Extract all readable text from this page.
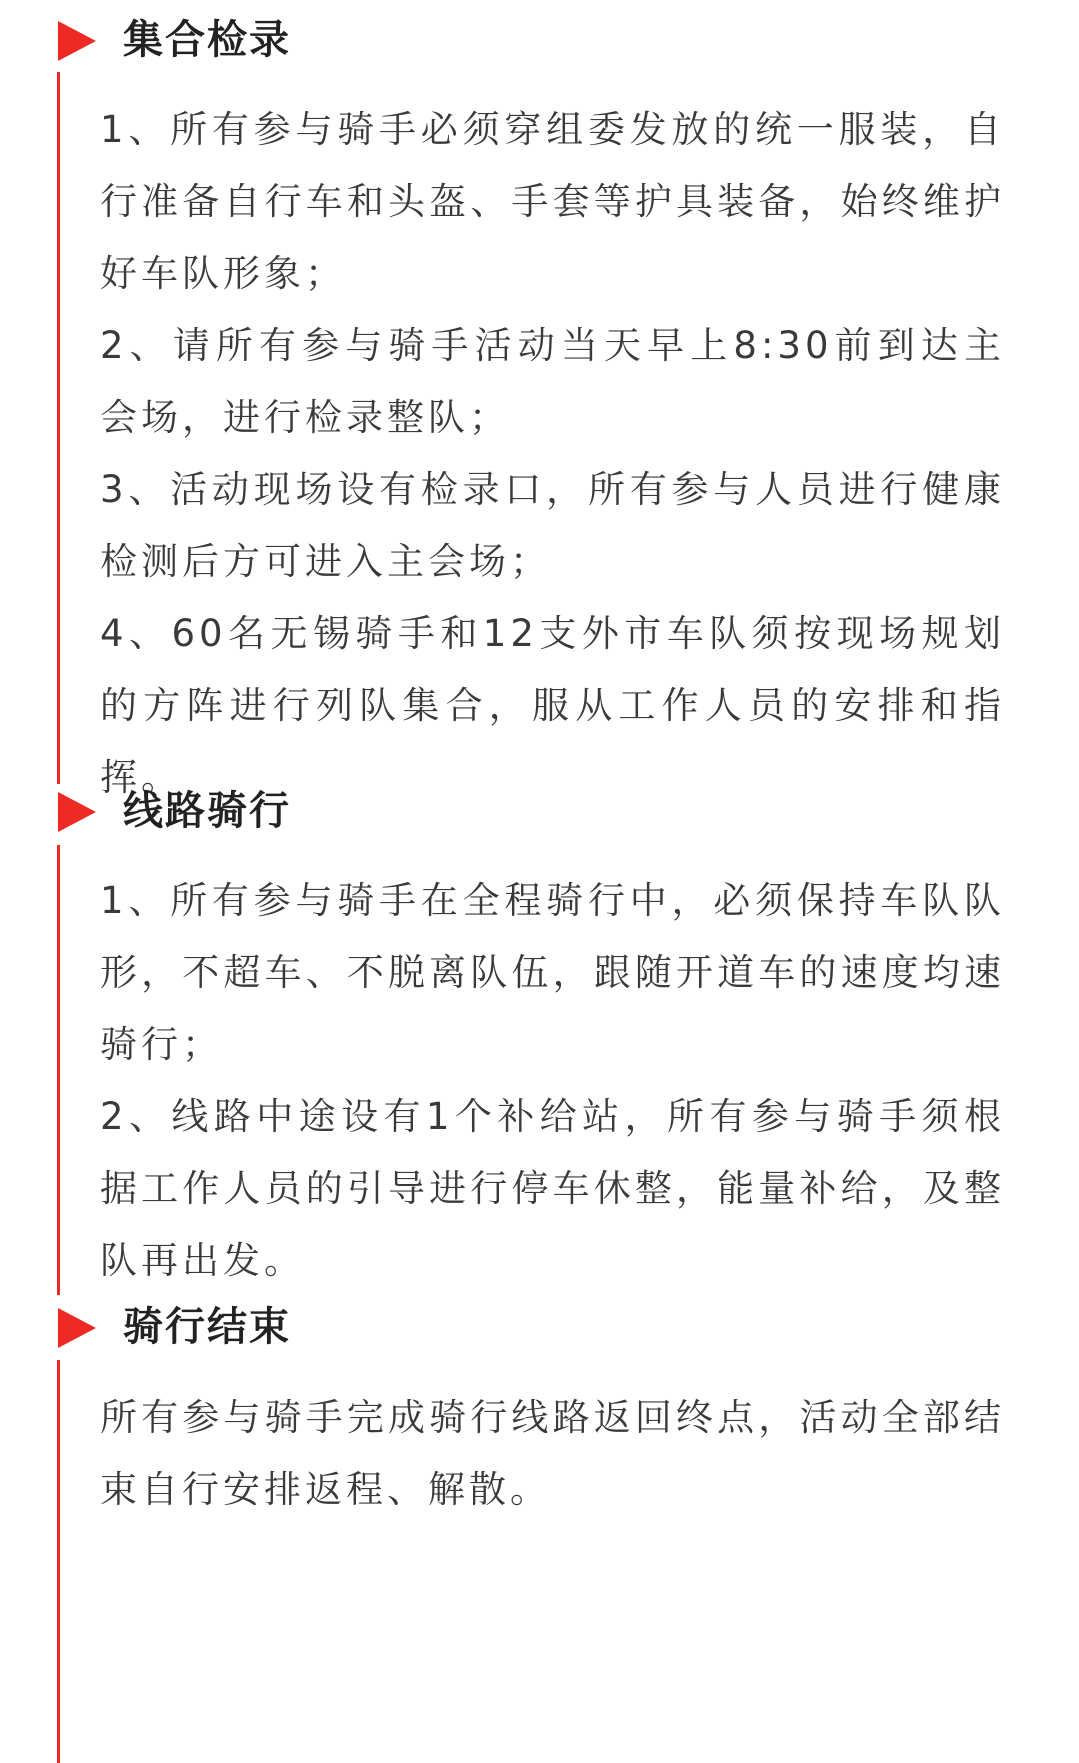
集合检录

1、所有参与骑手必须穿组委发放的统一服装，自行准备自行车和头盔、手套等护具装备，始终维护好车队形象；

2、请所有参与骑手活动当天早上8:30前到达主会场，进行检录整队；

3、活动现场设有检录口，所有参与人员进行健康检测后方可进入主会场；

4、60名无锡骑手和12支外市车队须按现场规划的方阵进行列队集合，服从工作人员的安排和指挥。

线路骑行

1、所有参与骑手在全程骑行中，必须保持车队队形，不超车、不脱离队伍，跟随开道车的速度均速骑行；

2、线路中途设有1个补给站，所有参与骑手须根据工作人员的引导进行停车休整，能量补给，及整队再出发。

骑行结束

所有参与骑手完成骑行线路返回终点，活动全部结束自行安排返程、解散。
